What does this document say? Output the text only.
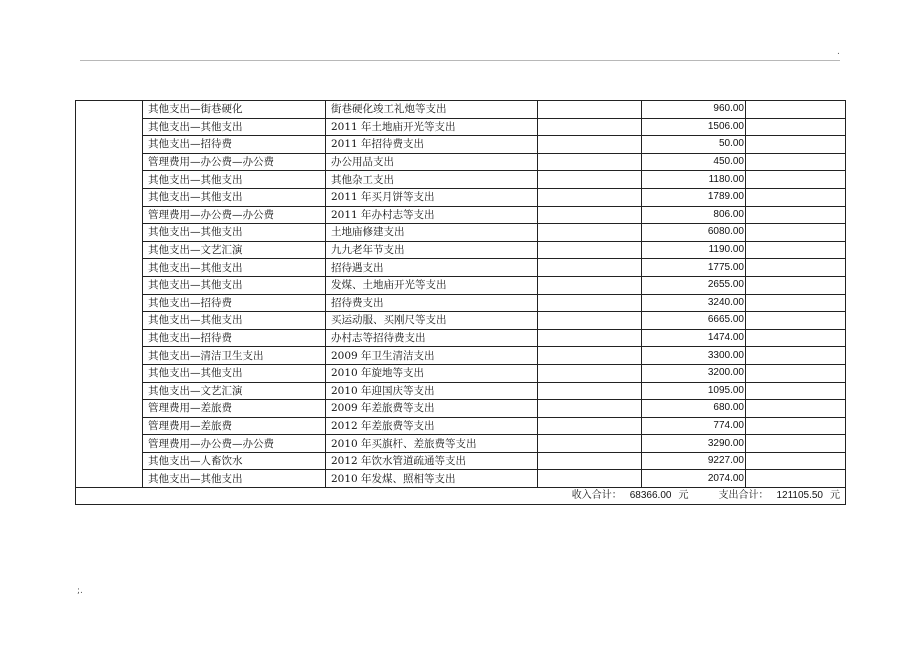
.
	其他支出—街巷硬化	街巷硬化竣工礼炮等支出		960.00	
	其他支出—其他支出	2011 年土地庙开光等支出		1506.00	
	其他支出—招待费	2011 年招待费支出		50.00	
	管理费用—办公费—办公费	办公用品支出		450.00	
	其他支出—其他支出	其他杂工支出		1180.00	
	其他支出—其他支出	2011 年买月饼等支出		1789.00	
	管理费用—办公费—办公费	2011 年办村志等支出		806.00	
	其他支出—其他支出	土地庙修建支出		6080.00	
	其他支出—文艺汇演	九九老年节支出		1190.00	
	其他支出—其他支出	招待遇支出		1775.00	
	其他支出—其他支出	发煤、土地庙开光等支出		2655.00	
	其他支出—招待费	招待费支出		3240.00	
	其他支出—其他支出	买运动服、买刚尺等支出		6665.00	
	其他支出—招待费	办村志等招待费支出		1474.00	
	其他支出—清洁卫生支出	2009 年卫生清洁支出		3300.00	
	其他支出—其他支出	2010 年旋地等支出		3200.00	
	其他支出—文艺汇演	2010 年迎国庆等支出		1095.00	
	管理费用—差旅费	2009 年差旅费等支出		680.00	
	管理费用—差旅费	2012 年差旅费等支出		774.00	
	管理费用—办公费—办公费	2010 年买旗杆、差旅费等支出		3290.00	
	其他支出—人畜饮水	2012 年饮水管道疏通等支出		9227.00	
	其他支出—其他支出	2010 年发煤、照相等支出		2074.00	
收入合计： 68366.00 元 支出合计： 121105.50 元					
;.
